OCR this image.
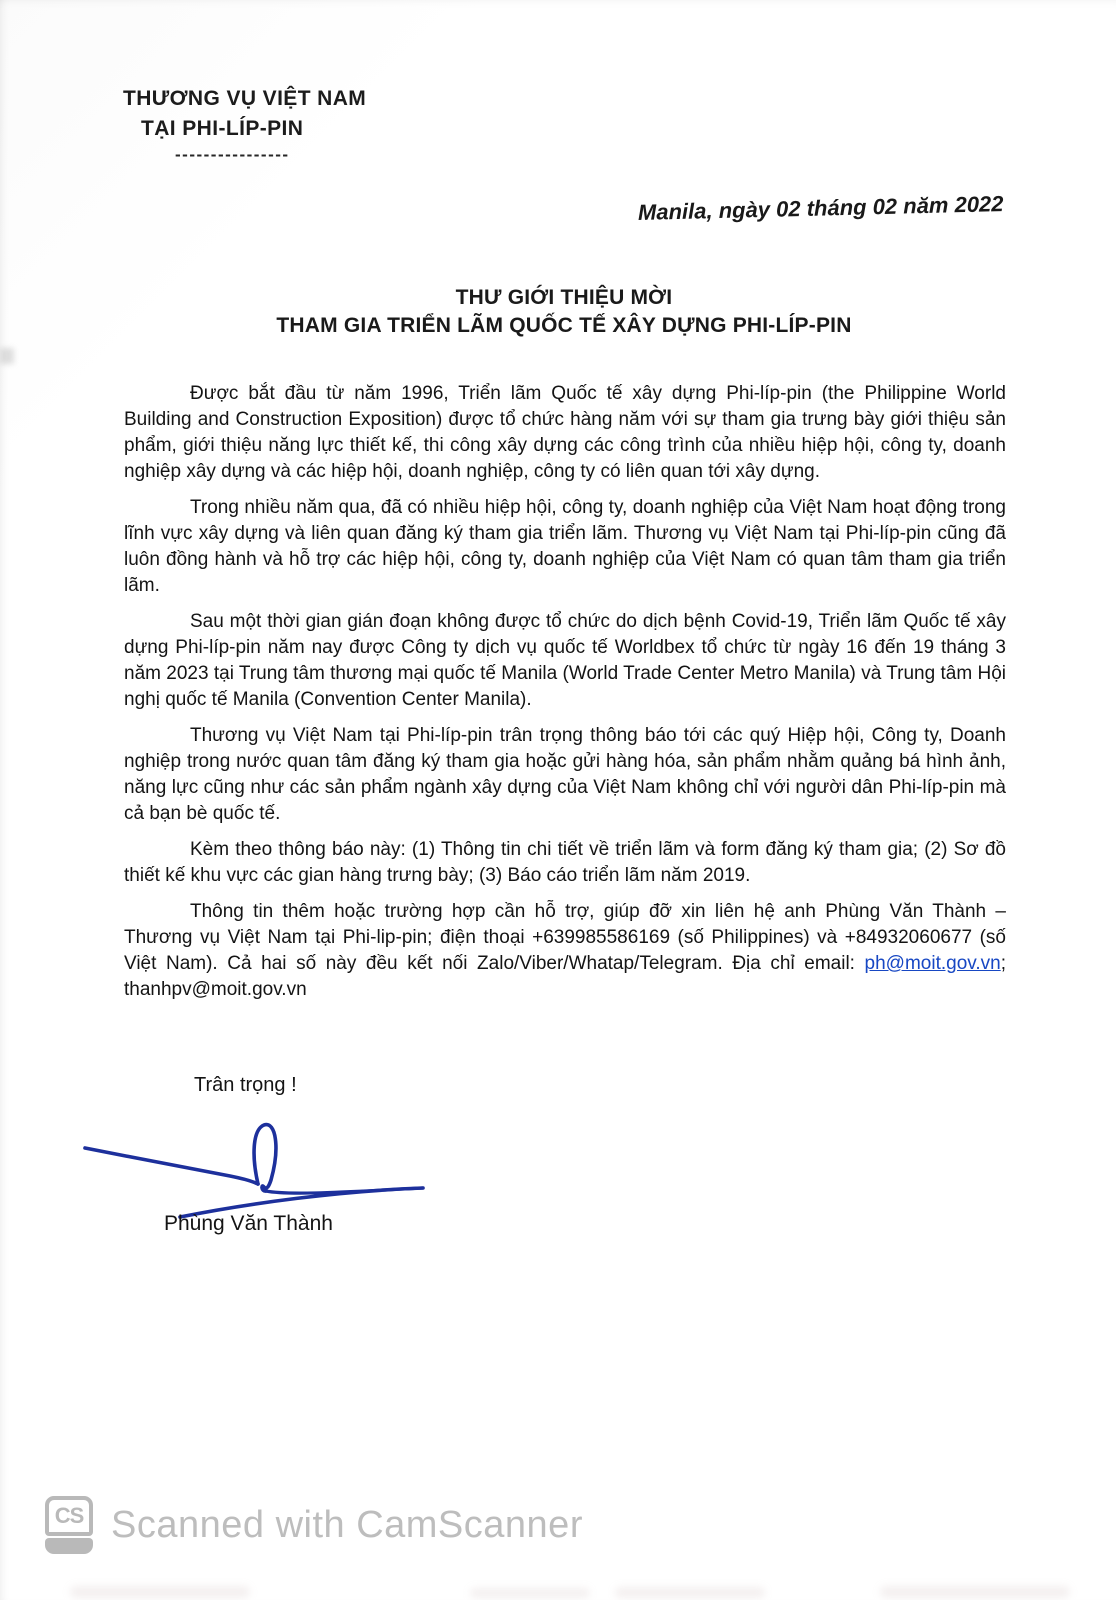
THƯƠNG VỤ VIỆT NAM
TẠI PHI-LÍP-PIN
----------------
Manila, ngày 02 tháng 02 năm 2022
THƯ GIỚI THIỆU MỜI
THAM GIA TRIỂN LÃM QUỐC TẾ XÂY DỰNG PHI-LÍP-PIN

Được bắt đầu từ năm 1996, Triển lãm Quốc tế xây dựng Phi-líp-pin (the Philippine World Building and Construction Exposition) được tổ chức hàng năm với sự tham gia trưng bày giới thiệu sản phẩm, giới thiệu năng lực thiết kế, thi công xây dựng các công trình của nhiều hiệp hội, công ty, doanh nghiệp xây dựng và các hiệp hội, doanh nghiệp, công ty có liên quan tới xây dựng.

Trong nhiều năm qua, đã có nhiều hiệp hội, công ty, doanh nghiệp của Việt Nam hoạt động trong lĩnh vực xây dựng và liên quan đăng ký tham gia triển lãm. Thương vụ Việt Nam tại Phi-líp-pin cũng đã luôn đồng hành và hỗ trợ các hiệp hội, công ty, doanh nghiệp của Việt Nam có quan tâm tham gia triển lãm.

Sau một thời gian gián đoạn không được tổ chức do dịch bệnh Covid-19, Triển lãm Quốc tế xây dựng Phi-líp-pin năm nay được Công ty dịch vụ quốc tế Worldbex tổ chức từ ngày 16 đến 19 tháng 3 năm 2023 tại Trung tâm thương mại quốc tế Manila (World Trade Center Metro Manila) và Trung tâm Hội nghị quốc tế Manila (Convention Center Manila).

Thương vụ Việt Nam tại Phi-líp-pin trân trọng thông báo tới các quý Hiệp hội, Công ty, Doanh nghiệp trong nước quan tâm đăng ký tham gia hoặc gửi hàng hóa, sản phẩm nhằm quảng bá hình ảnh, năng lực cũng như các sản phẩm ngành xây dựng của Việt Nam không chỉ với người dân Phi-líp-pin mà cả bạn bè quốc tế.

Kèm theo thông báo này: (1) Thông tin chi tiết về triển lãm và form đăng ký tham gia; (2) Sơ đồ thiết kế khu vực các gian hàng trưng bày; (3) Báo cáo triển lãm năm 2019.

Thông tin thêm hoặc trường hợp cần hỗ trợ, giúp đỡ xin liên hệ anh Phùng Văn Thành – Thương vụ Việt Nam tại Phi-lip-pin; điện thoại +639985586169 (số Philippines) và +84932060677 (số Việt Nam). Cả hai số này đều kết nối Zalo/Viber/Whatap/Telegram. Địa chỉ email: ph@moit.gov.vn; thanhpv@moit.gov.vn

Trân trọng !
Phùng Văn Thành
CS Scanned with CamScanner
